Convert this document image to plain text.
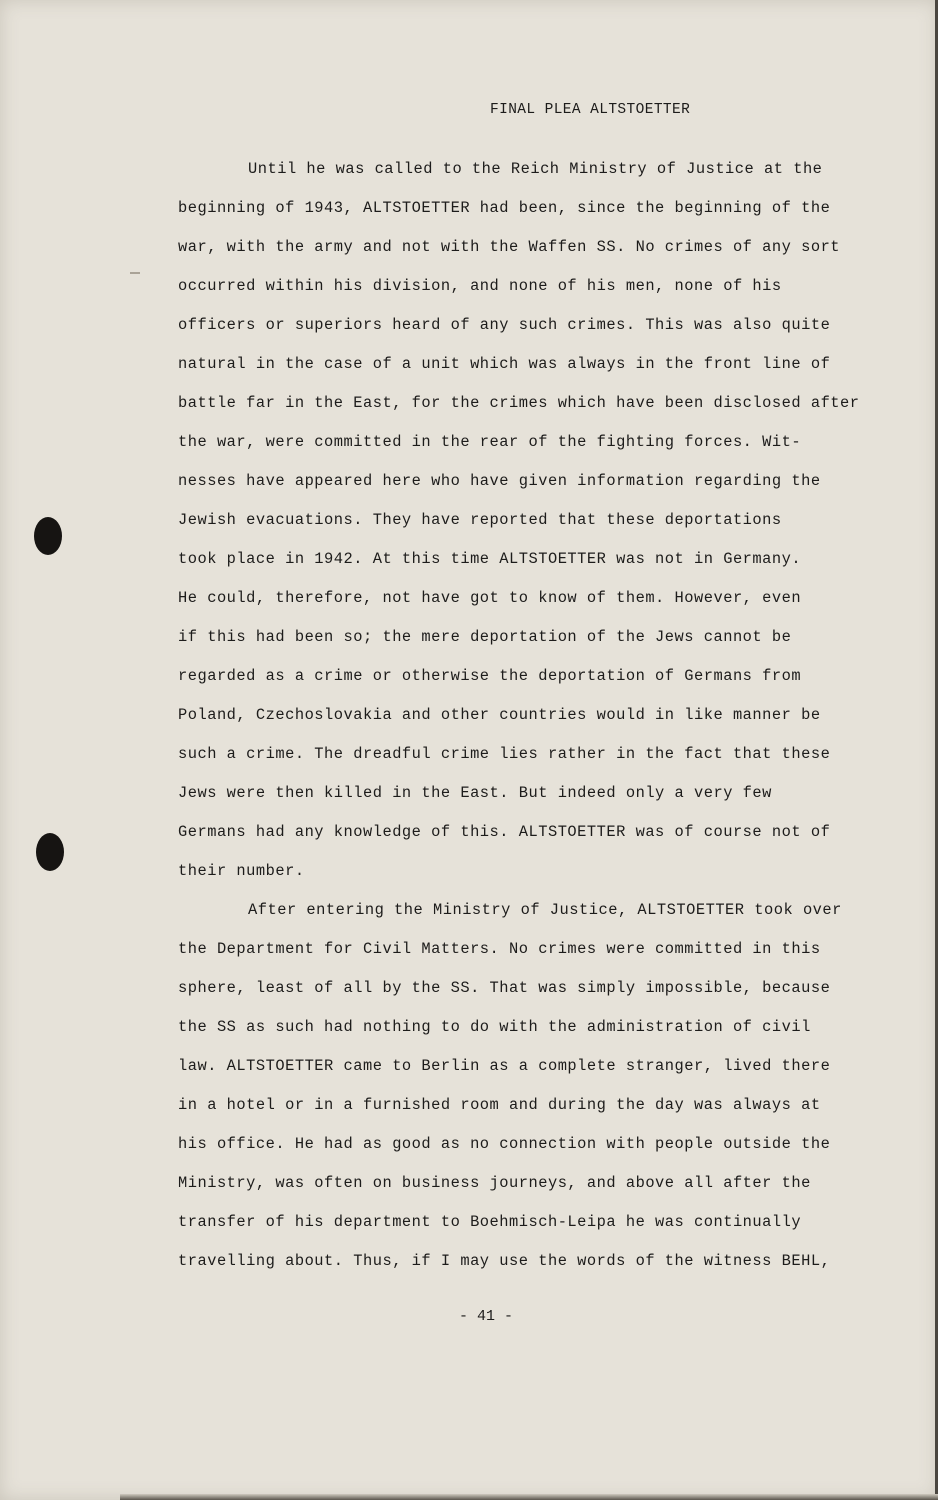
FINAL PLEA ALTSTOETTER
Until he was called to the Reich Ministry of Justice at the
beginning of 1943, ALTSTOETTER had been, since the beginning of the
war, with the army and not with the Waffen SS. No crimes of any sort
occurred within his division, and none of his men, none of his
officers or superiors heard of any such crimes. This was also quite
natural in the case of a unit which was always in the front line of
battle far in the East, for the crimes which have been disclosed after
the war, were committed in the rear of the fighting forces. Wit-
nesses have appeared here who have given information regarding the
Jewish evacuations. They have reported that these deportations
took place in 1942. At this time ALTSTOETTER was not in Germany.
He could, therefore, not have got to know of them. However, even
if this had been so; the mere deportation of the Jews cannot be
regarded as a crime or otherwise the deportation of Germans from
Poland, Czechoslovakia and other countries would in like manner be
such a crime. The dreadful crime lies rather in the fact that these
Jews were then killed in the East. But indeed only a very few
Germans had any knowledge of this. ALTSTOETTER was of course not of
their number.
After entering the Ministry of Justice, ALTSTOETTER took over
the Department for Civil Matters. No crimes were committed in this
sphere, least of all by the SS. That was simply impossible, because
the SS as such had nothing to do with the administration of civil
law. ALTSTOETTER came to Berlin as a complete stranger, lived there
in a hotel or in a furnished room and during the day was always at
his office. He had as good as no connection with people outside the
Ministry, was often on business journeys, and above all after the
transfer of his department to Boehmisch-Leipa he was continually
travelling about. Thus, if I may use the words of the witness BEHL,
- 41 -
